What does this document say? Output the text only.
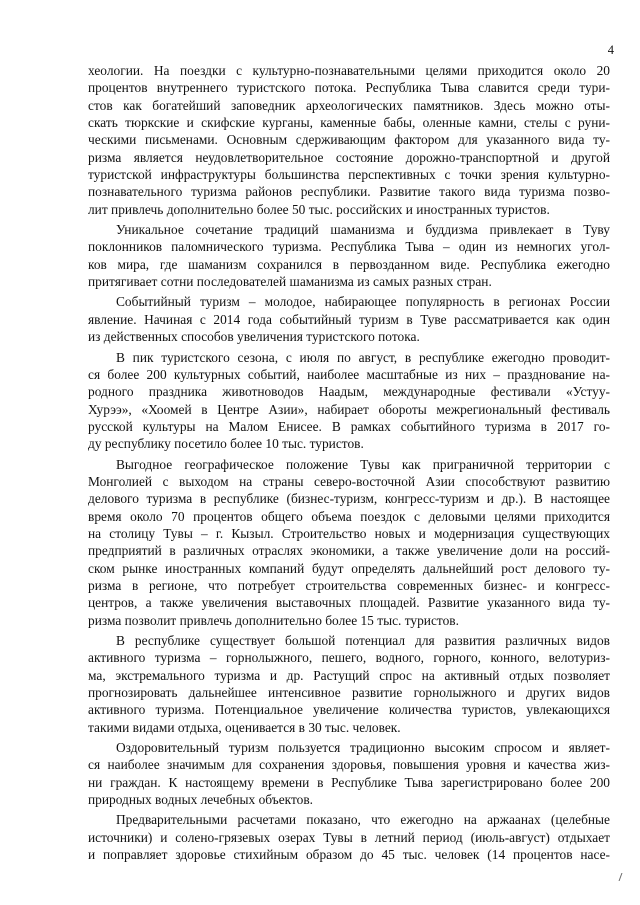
4
хеологии. На поездки с культурно-познавательными целями приходится около 20
процентов внутреннего туристского потока. Республика Тыва славится среди тури-
стов как богатейший заповедник археологических памятников. Здесь можно оты-
скать тюркские и скифские курганы, каменные бабы, оленные камни, стелы с руни-
ческими письменами. Основным сдерживающим фактором для указанного вида ту-
ризма является неудовлетворительное состояние дорожно-транспортной и другой
туристской инфраструктуры большинства перспективных с точки зрения культурно-
познавательного туризма районов республики. Развитие такого вида туризма позво-
лит привлечь дополнительно более 50 тыс. российских и иностранных туристов.
Уникальное сочетание традиций шаманизма и буддизма привлекает в Туву
поклонников паломнического туризма. Республика Тыва – один из немногих угол-
ков мира, где шаманизм сохранился в первозданном виде. Республика ежегодно
притягивает сотни последователей шаманизма из самых разных стран.
Событийный туризм – молодое, набирающее популярность в регионах России
явление. Начиная с 2014 года событийный туризм в Туве рассматривается как один
из действенных способов увеличения туристского потока.
В пик туристского сезона, с июля по август, в республике ежегодно проводит-
ся более 200 культурных событий, наиболее масштабные из них – празднование на-
родного праздника животноводов Наадым, международные фестивали «Устуу-
Хурээ», «Хоомей в Центре Азии», набирает обороты межрегиональный фестиваль
русской культуры на Малом Енисее. В рамках событийного туризма в 2017 го-
ду республику посетило более 10 тыс. туристов.
Выгодное географическое положение Тувы как приграничной территории с
Монголией с выходом на страны северо-восточной Азии способствуют развитию
делового туризма в республике (бизнес-туризм, конгресс-туризм и др.). В настоящее
время около 70 процентов общего объема поездок с деловыми целями приходится
на столицу Тувы – г. Кызыл. Строительство новых и модернизация существующих
предприятий в различных отраслях экономики, а также увеличение доли на россий-
ском рынке иностранных компаний будут определять дальнейший рост делового ту-
ризма в регионе, что потребует строительства современных бизнес- и конгресс-
центров, а также увеличения выставочных площадей. Развитие указанного вида ту-
ризма позволит привлечь дополнительно более 15 тыс. туристов.
В республике существует большой потенциал для развития различных видов
активного туризма – горнолыжного, пешего, водного, горного, конного, велотуриз-
ма, экстремального туризма и др. Растущий спрос на активный отдых позволяет
прогнозировать дальнейшее интенсивное развитие горнолыжного и других видов
активного туризма. Потенциальное увеличение количества туристов, увлекающихся
такими видами отдыха, оценивается в 30 тыс. человек.
Оздоровительный туризм пользуется традиционно высоким спросом и являет-
ся наиболее значимым для сохранения здоровья, повышения уровня и качества жиз-
ни граждан. К настоящему времени в Республике Тыва зарегистрировано более 200
природных водных лечебных объектов.
Предварительными расчетами показано, что ежегодно на аржаанах (целебные
источники) и солено-грязевых озерах Тувы в летний период (июль-август) отдыхает
и поправляет здоровье стихийным образом до 45 тыс. человек (14 процентов насе-
